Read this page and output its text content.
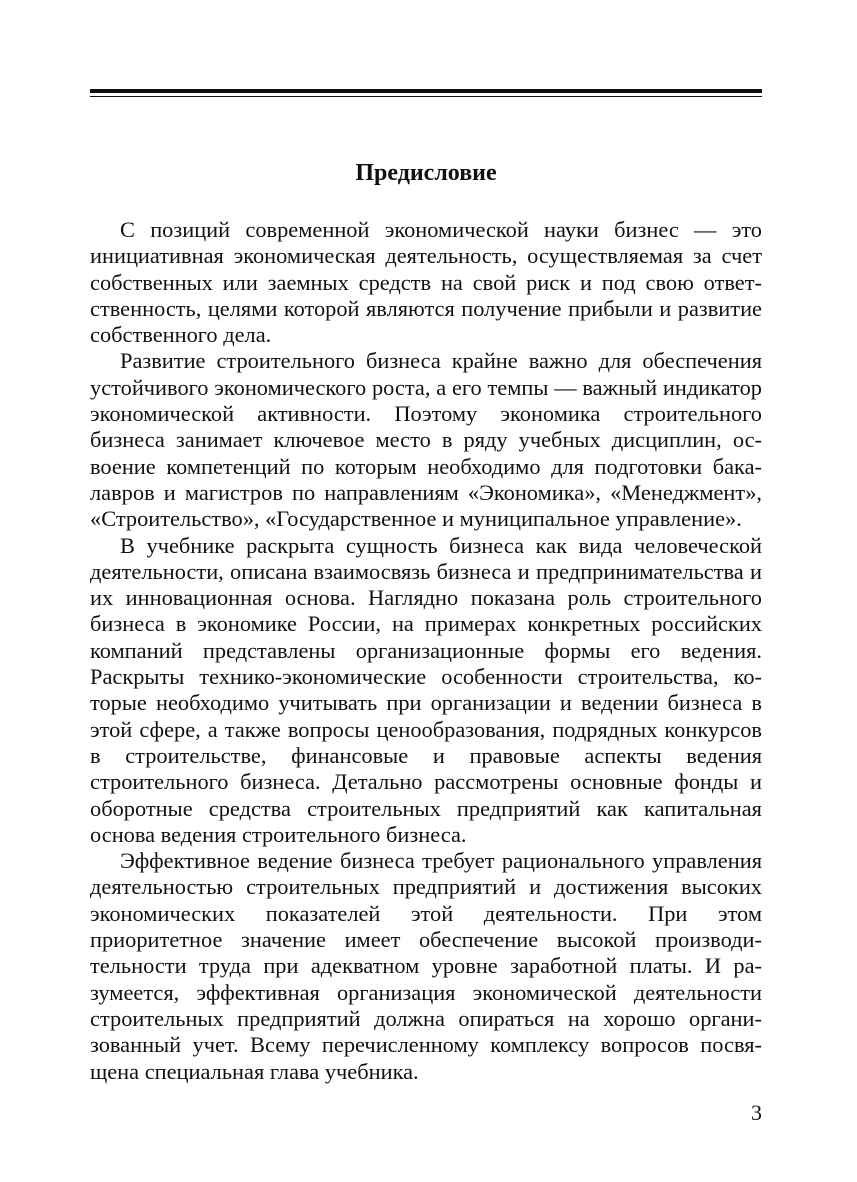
Предисловие

С позиций современной экономической науки бизнес — это инициативная экономическая деятельность, осуществляемая за счет собственных или заемных средств на свой риск и под свою ответственность, целями которой являются получение прибыли и развитие собственного дела.

Развитие строительного бизнеса крайне важно для обеспечения устойчивого экономического роста, а его темпы — важный индикатор экономической активности. Поэтому экономика строительного бизнеса занимает ключевое место в ряду учебных дисциплин, освоение компетенций по которым необходимо для подготовки бакалавров и магистров по направлениям «Экономика», «Менеджмент», «Строительство», «Государственное и муниципальное управление».

В учебнике раскрыта сущность бизнеса как вида человеческой деятельности, описана взаимосвязь бизнеса и предпринимательства и их инновационная основа. Наглядно показана роль строительного бизнеса в экономике России, на примерах конкретных российских компаний представлены организационные формы его ведения. Раскрыты технико-экономические особенности строительства, которые необходимо учитывать при организации и ведении бизнеса в этой сфере, а также вопросы ценообразования, подрядных конкурсов в строительстве, финансовые и правовые аспекты ведения строительного бизнеса. Детально рассмотрены основные фонды и оборотные средства строительных предприятий как капитальная основа ведения строительного бизнеса.

Эффективное ведение бизнеса требует рационального управления деятельностью строительных предприятий и достижения высоких экономических показателей этой деятельности. При этом приоритетное значение имеет обеспечение высокой производительности труда при адекватном уровне заработной платы. И разумеется, эффективная организация экономической деятельности строительных предприятий должна опираться на хорошо организованный учет. Всему перечисленному комплексу вопросов посвящена специальная глава учебника.

3
